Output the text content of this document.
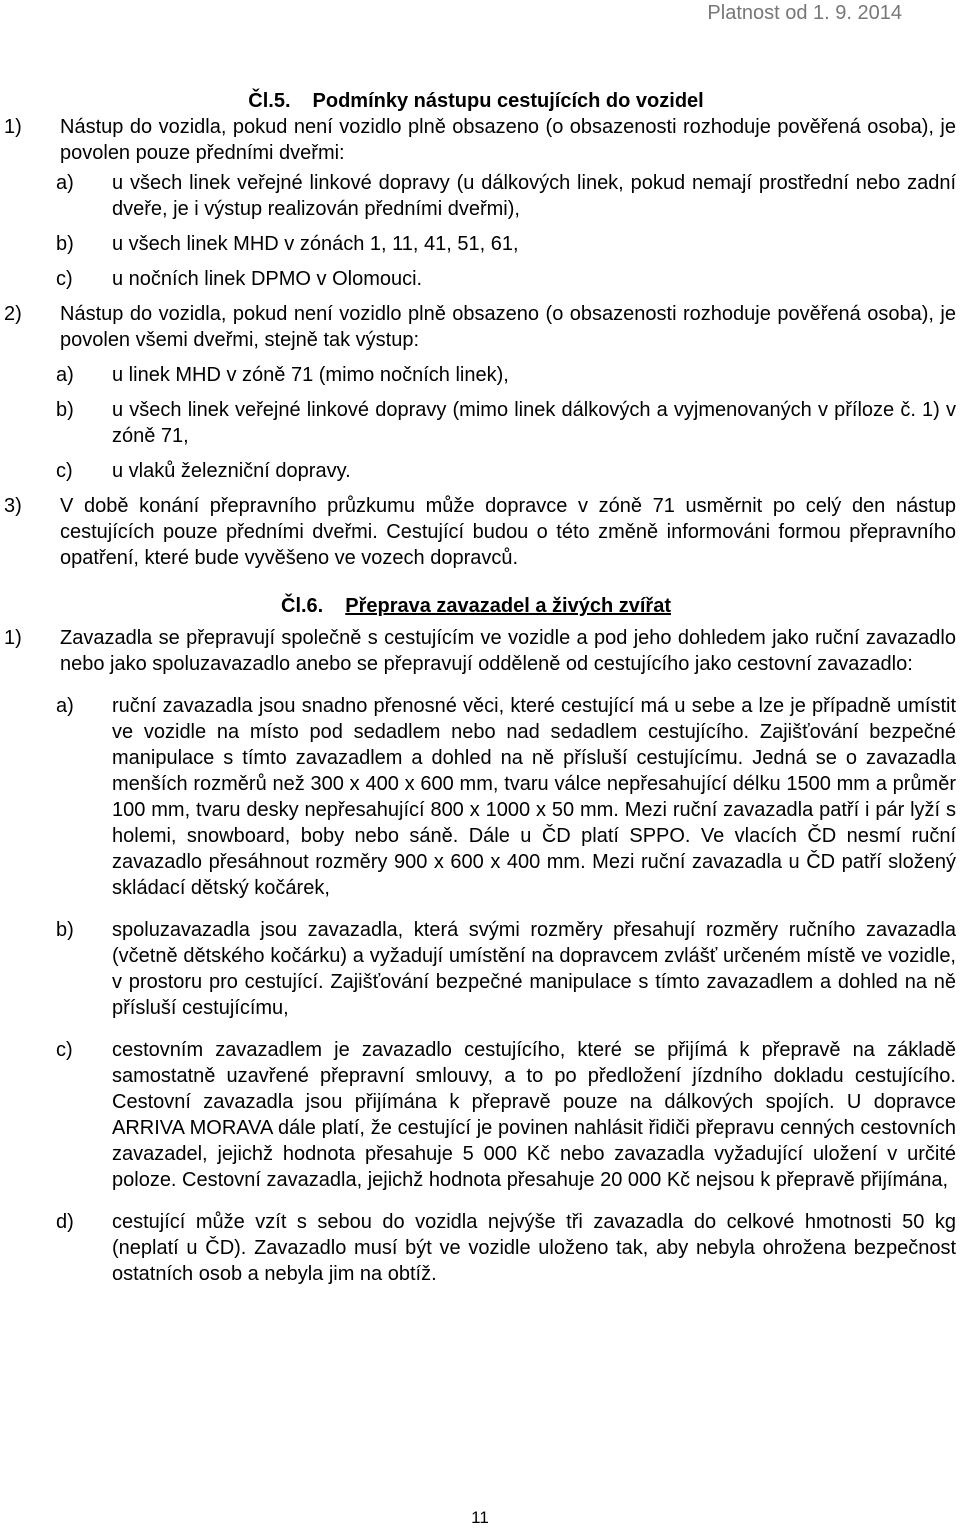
Platnost od 1. 9. 2014

Čl.5. Podmínky nástupu cestujících do vozidel

1)	Nástup do vozidla, pokud není vozidlo plně obsazeno (o obsazenosti rozhoduje pověřená osoba), je povolen pouze předními dveřmi:
a)	u všech linek veřejné linkové dopravy (u dálkových linek, pokud nemají prostřední nebo zadní dveře, je i výstup realizován předními dveřmi),
b)	u všech linek MHD v zónách 1, 11, 41, 51, 61,
c)	u nočních linek DPMO v Olomouci.
2)	Nástup do vozidla, pokud není vozidlo plně obsazeno (o obsazenosti rozhoduje pověřená osoba), je povolen všemi dveřmi, stejně tak výstup:
a)	u linek MHD v zóně 71 (mimo nočních linek),
b)	u všech linek veřejné linkové dopravy (mimo linek dálkových a vyjmenovaných v příloze č. 1) v zóně 71,
c)	u vlaků železniční dopravy.
3)	V době konání přepravního průzkumu může dopravce v zóně 71 usměrnit po celý den nástup cestujících pouze předními dveřmi. Cestující budou o této změně informováni formou přepravního opatření, které bude vyvěšeno ve vozech dopravců.

Čl.6. Přeprava zavazadel a živých zvířat

1)	Zavazadla se přepravují společně s cestujícím ve vozidle a pod jeho dohledem jako ruční zavazadlo nebo jako spoluzavazadlo anebo se přepravují odděleně od cestujícího jako cestovní zavazadlo:
a)	ruční zavazadla jsou snadno přenosné věci, které cestující má u sebe a lze je případně umístit ve vozidle na místo pod sedadlem nebo nad sedadlem cestujícího. Zajišťování bezpečné manipulace s tímto zavazadlem a dohled na ně přísluší cestujícímu. Jedná se o zavazadla menších rozměrů než 300 x 400 x 600 mm, tvaru válce nepřesahující délku 1500 mm a průměr 100 mm, tvaru desky nepřesahující 800 x 1000 x 50 mm. Mezi ruční zavazadla patří i pár lyží s holemi, snowboard, boby nebo sáně. Dále u ČD platí SPPO. Ve vlacích ČD nesmí ruční zavazadlo přesáhnout rozměry 900 x 600 x 400 mm. Mezi ruční zavazadla u ČD patří složený skládací dětský kočárek,
b)	spoluzavazadla jsou zavazadla, která svými rozměry přesahují rozměry ručního zavazadla (včetně dětského kočárku) a vyžadují umístění na dopravcem zvlášť určeném místě ve vozidle, v prostoru pro cestující. Zajišťování bezpečné manipulace s tímto zavazadlem a dohled na ně přísluší cestujícímu,
c)	cestovním zavazadlem je zavazadlo cestujícího, které se přijímá k přepravě na základě samostatně uzavřené přepravní smlouvy, a to po předložení jízdního dokladu cestujícího. Cestovní zavazadla jsou přijímána k přepravě pouze na dálkových spojích. U dopravce ARRIVA MORAVA dále platí, že cestující je povinen nahlásit řidiči přepravu cenných cestovních zavazadel, jejichž hodnota přesahuje 5 000 Kč nebo zavazadla vyžadující uložení v určité poloze. Cestovní zavazadla, jejichž hodnota přesahuje 20 000 Kč nejsou k přepravě přijímána,
d)	cestující může vzít s sebou do vozidla nejvýše tři zavazadla do celkové hmotnosti 50 kg (neplatí u ČD). Zavazadlo musí být ve vozidle uloženo tak, aby nebyla ohrožena bezpečnost ostatních osob a nebyla jim na obtíž.
11
